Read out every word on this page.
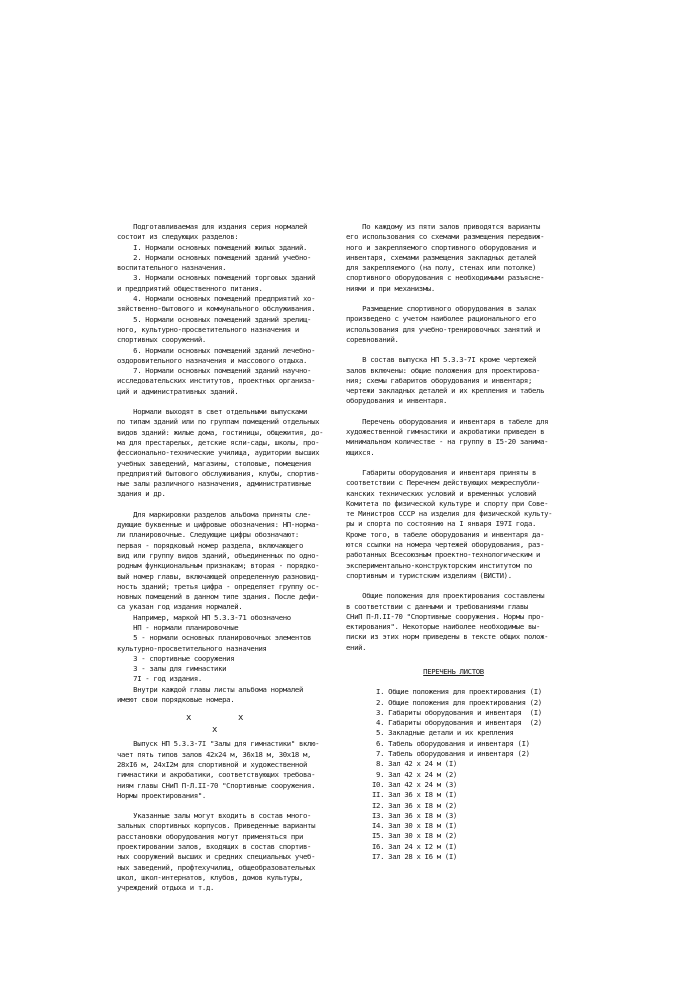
Подготавливаемая для издания серия нормалей

состоит из следующих разделов:

I. Нормали основных помещений жилых зданий.

2. Нормали основных помещений зданий учебно-

воспитательного назначения.

3. Нормали основных помещений торговых зданий

и предприятий общественного питания.

4. Нормали основных помещений предприятий хо-

зяйственно-бытового и коммунального обслуживания.

5. Нормали основных помещений зданий зрелищ-

ного, культурно-просветительного назначения и

спортивных сооружений.

6. Нормали основных помещений зданий лечебно-

оздоровительного назначения и массового отдыха.

7. Нормали основных помещений зданий научно-

исследовательских институтов, проектных организа-

ций и административных зданий.

Нормали выходят в свет отдельными выпусками

по типам зданий или по группам помещений отдельных

видов зданий: жилые дома, гостиницы, общежития, до-

ма для престарелых, детские ясли-сады, школы, про-

фессионально-технические училища, аудитории высших

учебных заведений, магазины, столовые, помещения

предприятий бытового обслуживания, клубы, спортив-

ные залы различного назначения, административные

здания и др.

Для маркировки разделов альбома приняты сле-

дующие буквенные и цифровые обозначения: НП-норма-

ли планировочные. Следующие цифры обозначают:

первая - порядковый номер раздела, включающего

вид или группу видов зданий, объединенных по одно-

родным функциональным признакам; вторая - порядко-

вый номер главы, включающей определенную разновид-

ность зданий; третья цифра - определяет группу ос-

новных помещений в данном типе здания. После дефи-

са указан год издания нормалей.

Например, маркой НП 5.3.3-71 обозначено

НП - нормали планировочные

5 - нормали основных планировочных элементов

культурно-просветительного назначения

3 - спортивные сооружения

3 - залы для гимнастики

7I - год издания.

Внутри каждой главы листы альбома нормалей

имеют свои порядковые номера.

x	x
x

Выпуск НП 5.3.3-7I "Залы для гимнастики" вклю-

чает пять типов залов 42х24 м, 36х18 м, 30х18 м,

28хI6 м, 24хI2м для спортивной и художественной

гимнастики и акробатики, соответствующих требова-

ниям главы СНиП П-Л.II-70 "Спортивные сооружения.

Нормы проектирования".

Указанные залы могут входить в состав много-

зальных спортивных корпусов. Приведенные варианты

расстановки оборудования могут применяться при

проектировании залов, входящих в состав спортив-

ных сооружений высших и средних специальных учеб-

ных заведений, профтехучилищ, общеобразовательных

школ, школ-интернатов, клубов, домов культуры,

учреждений отдыха и т.д.

По каждому из пяти залов приводятся варианты

его использования со схемами размещения передвиж-

ного и закрепляемого спортивного оборудования и

инвентаря, схемами размещения закладных деталей

для закрепляемого (на полу, стенах или потолке)

спортивного оборудования с необходимыми разъясне-

ниями и при механизмы.

Размещение спортивного оборудования в залах

произведено с учетом наиболее рационального его

использования для учебно-тренировочных занятий и

соревнований.

В состав выпуска НП 5.3.3-7I кроме чертежей

залов включены: общие положения для проектирова-

ния; схемы габаритов оборудования и инвентаря;

чертежи закладных деталей и их крепления и табель

оборудования и инвентаря.

Перечень оборудования и инвентаря в табеле для

художественной гимнастики и акробатики приведен в

минимальном количестве - на группу в I5-20 занима-

ющихся.

Габариты оборудования и инвентаря приняты в

соответствии с Перечнем действующих межреспубли-

канских технических условий и временных условий

Комитета по физической культуре и спорту при Сове-

те Министров СССР на изделия для физической культу-

ры и спорта по состоянию на I января I97I года.

Кроме того, в табеле оборудования и инвентаря да-

ются ссылки на номера чертежей оборудования, раз-

работанных Всесоюзным проектно-технологическим и

экспериментально-конструкторским институтом по

спортивным и туристским изделиям (ВИСТИ).

Общие положения для проектирования составлены

в соответствии с данными и требованиями главы

СНиП П-Л.II-70 "Спортивные сооружения. Нормы про-

ектирования". Некоторые наиболее необходимые вы-

писки из этих норм приведены в тексте общих полож-

ений.

ПЕРЕЧЕНЬ ЛИСТОВ

I. Общие положения для проектирования (I)

2. Общие положения для проектирования (2)

3. Габариты оборудования и инвентаря  (I)

4. Габариты оборудования и инвентаря  (2)

5. Закладные детали и их крепления

6. Табель оборудования и инвентаря (I)

7. Табель оборудования и инвентаря (2)

8. Зал 42 х 24 м (I)

9. Зал 42 х 24 м (2)

I0. Зал 42 х 24 м (3)

II. Зал 36 х I8 м (I)

I2. Зал 36 х I8 м (2)

I3. Зал 36 х I8 м (3)

I4. Зал 30 х I8 м (I)

I5. Зал 30 х I8 м (2)

I6. Зал 24 х I2 м (I)

I7. Зал 28 х I6 м (I)
